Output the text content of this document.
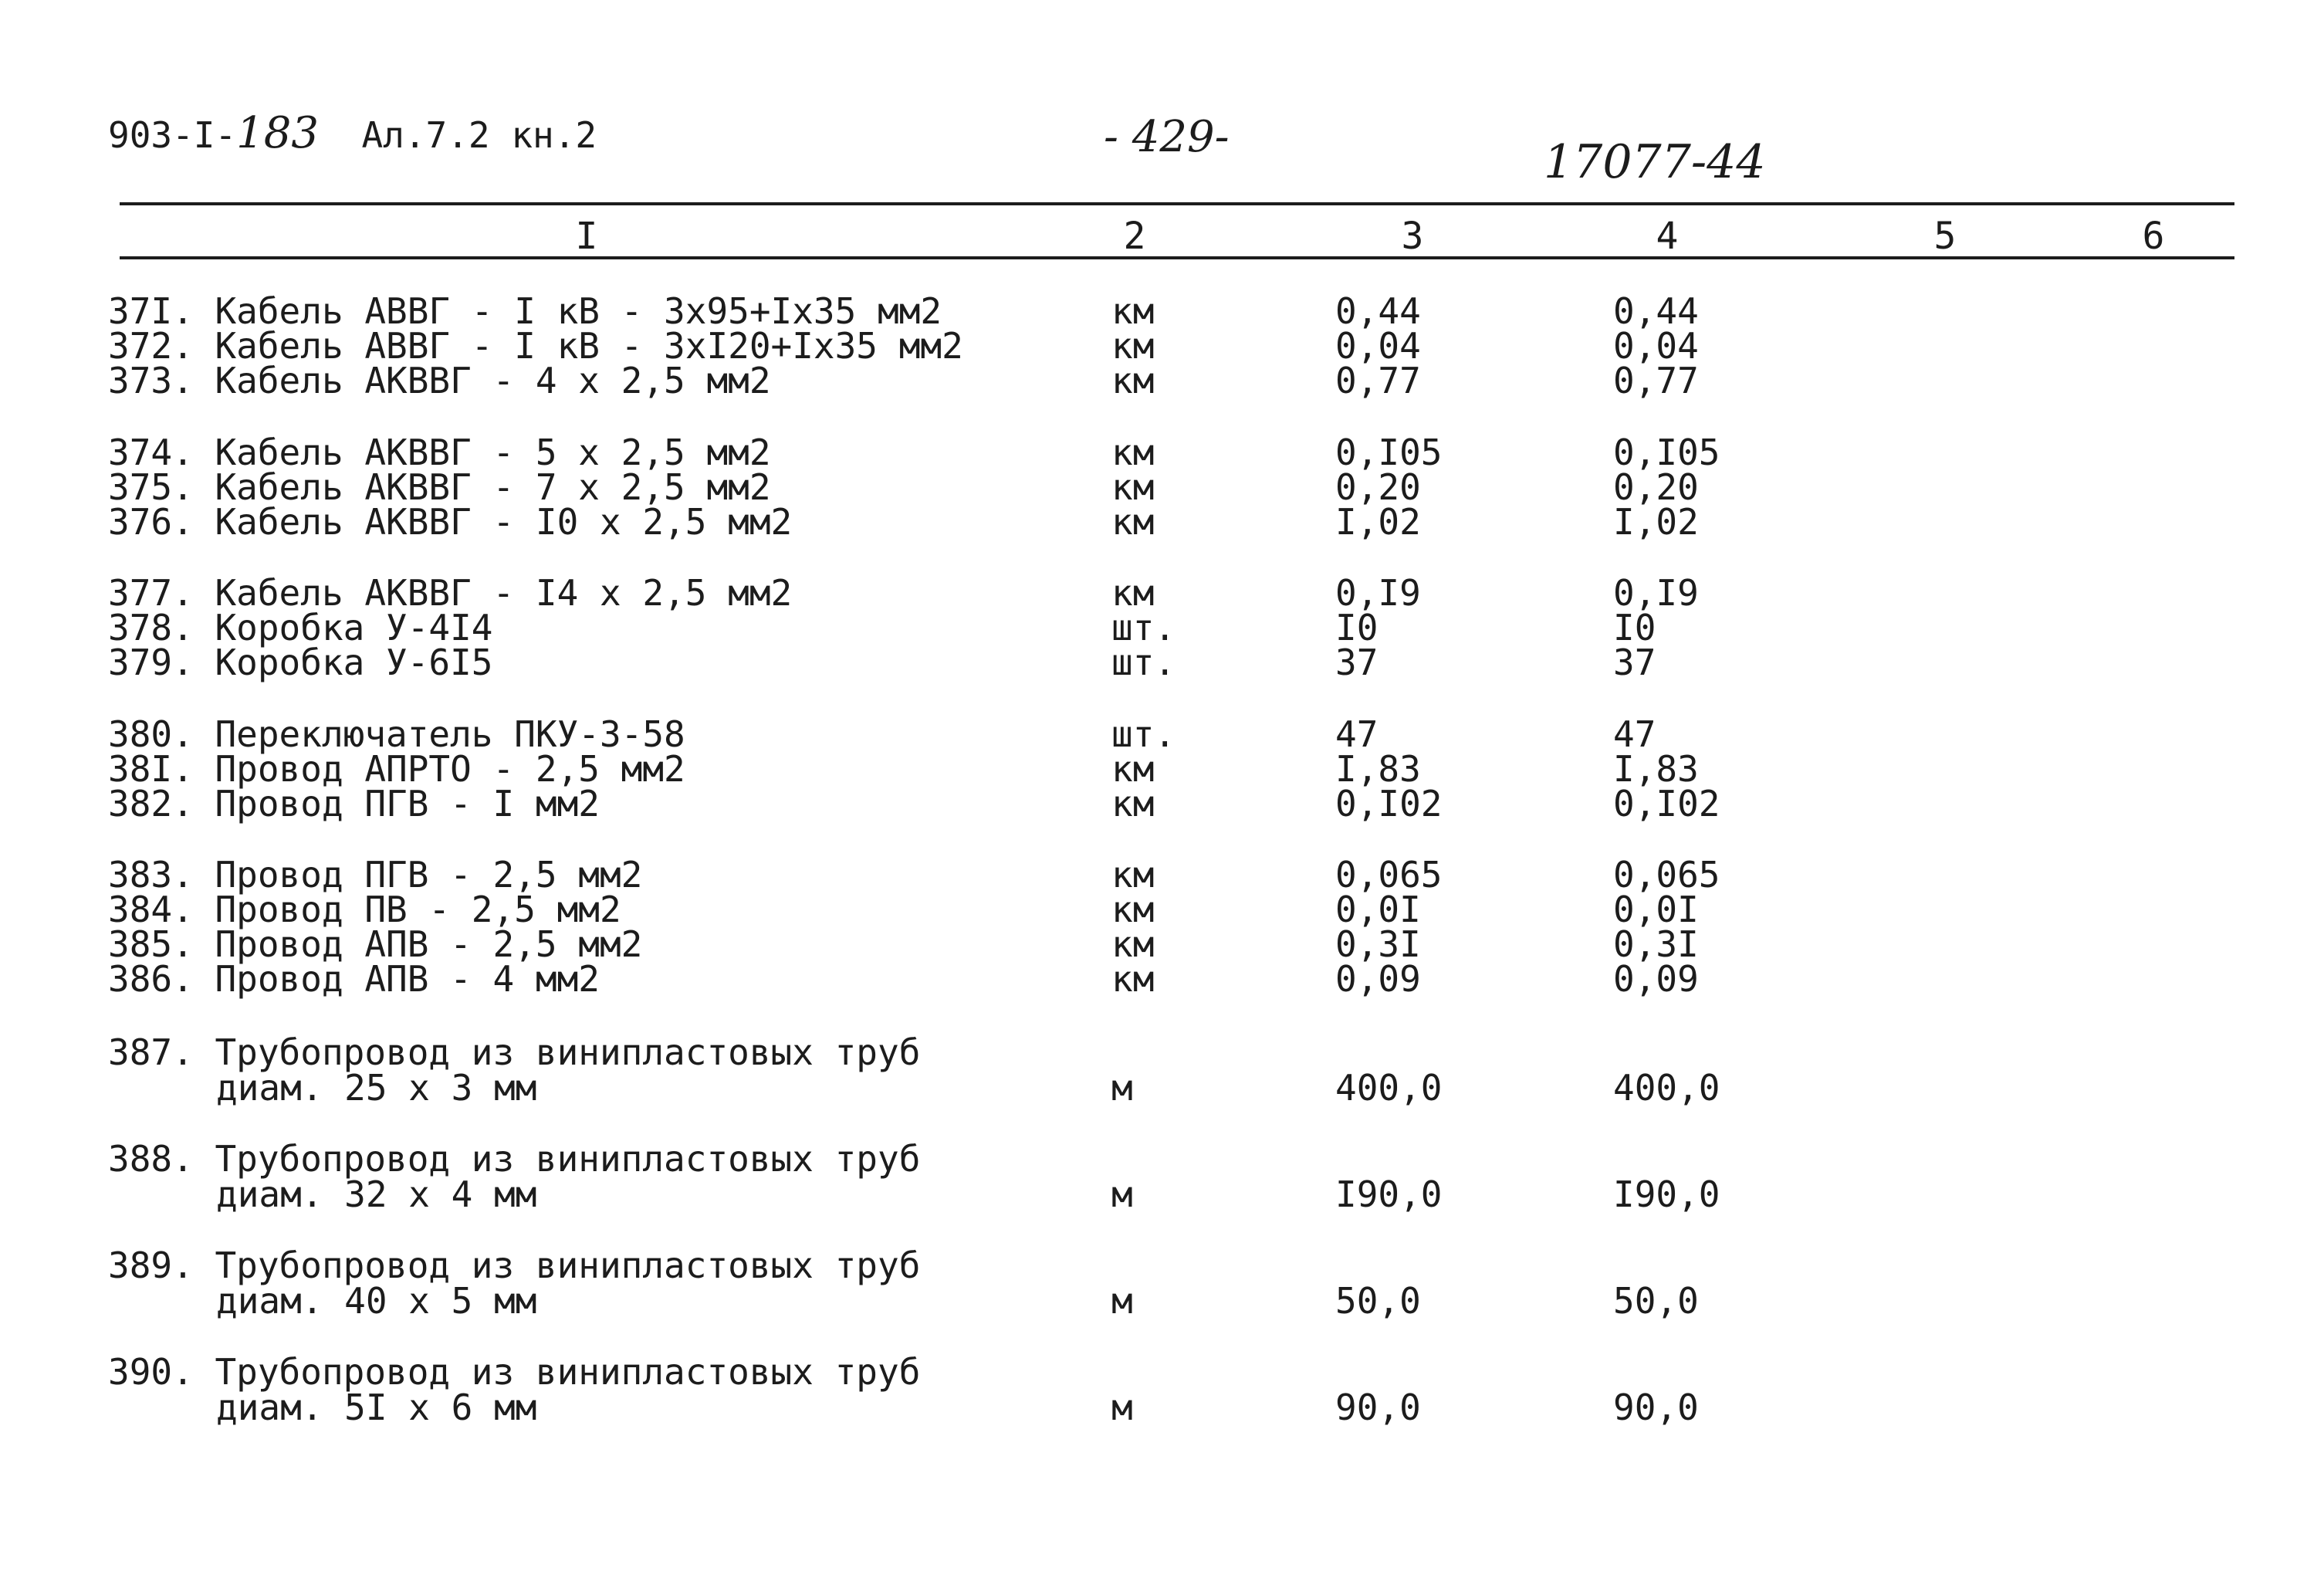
903-I-183 Ал.7.2 кн.2	- 429-	17077-44
I	2	3	4	5	6
37I. Кабель АВВГ - I кВ - 3х95+Iх35 мм2	км	0,44	0,44
372. Кабель АВВГ - I кВ - 3хI20+Iх35 мм2	км	0,04	0,04
373. Кабель АКВВГ - 4 х 2,5 мм2	км	0,77	0,77
374. Кабель АКВВГ - 5 х 2,5 мм2	км	0,I05	0,I05
375. Кабель АКВВГ - 7 х 2,5 мм2	км	0,20	0,20
376. Кабель АКВВГ - I0 х 2,5 мм2	км	I,02	I,02
377. Кабель АКВВГ - I4 х 2,5 мм2	км	0,I9	0,I9
378. Коробка У-4I4	шт.	I0	I0
379. Коробка У-6I5	шт.	37	37
380. Переключатель ПКУ-3-58	шт.	47	47
38I. Провод АПРТО - 2,5 мм2	км	I,83	I,83
382. Провод ПГВ - I мм2	км	0,I02	0,I02
383. Провод ПГВ - 2,5 мм2	км	0,065	0,065
384. Провод ПВ - 2,5 мм2	км	0,0I	0,0I
385. Провод АПВ - 2,5 мм2	км	0,3I	0,3I
386. Провод АПВ - 4 мм2	км	0,09	0,09
387. Трубопровод из винипластовых труб
диам. 25 х 3 мм	м	400,0	400,0
388. Трубопровод из винипластовых труб
диам. 32 х 4 мм	м	I90,0	I90,0
389. Трубопровод из винипластовых труб
диам. 40 х 5 мм	м	50,0	50,0
390. Трубопровод из винипластовых труб
диам. 5I х 6 мм	м	90,0	90,0
